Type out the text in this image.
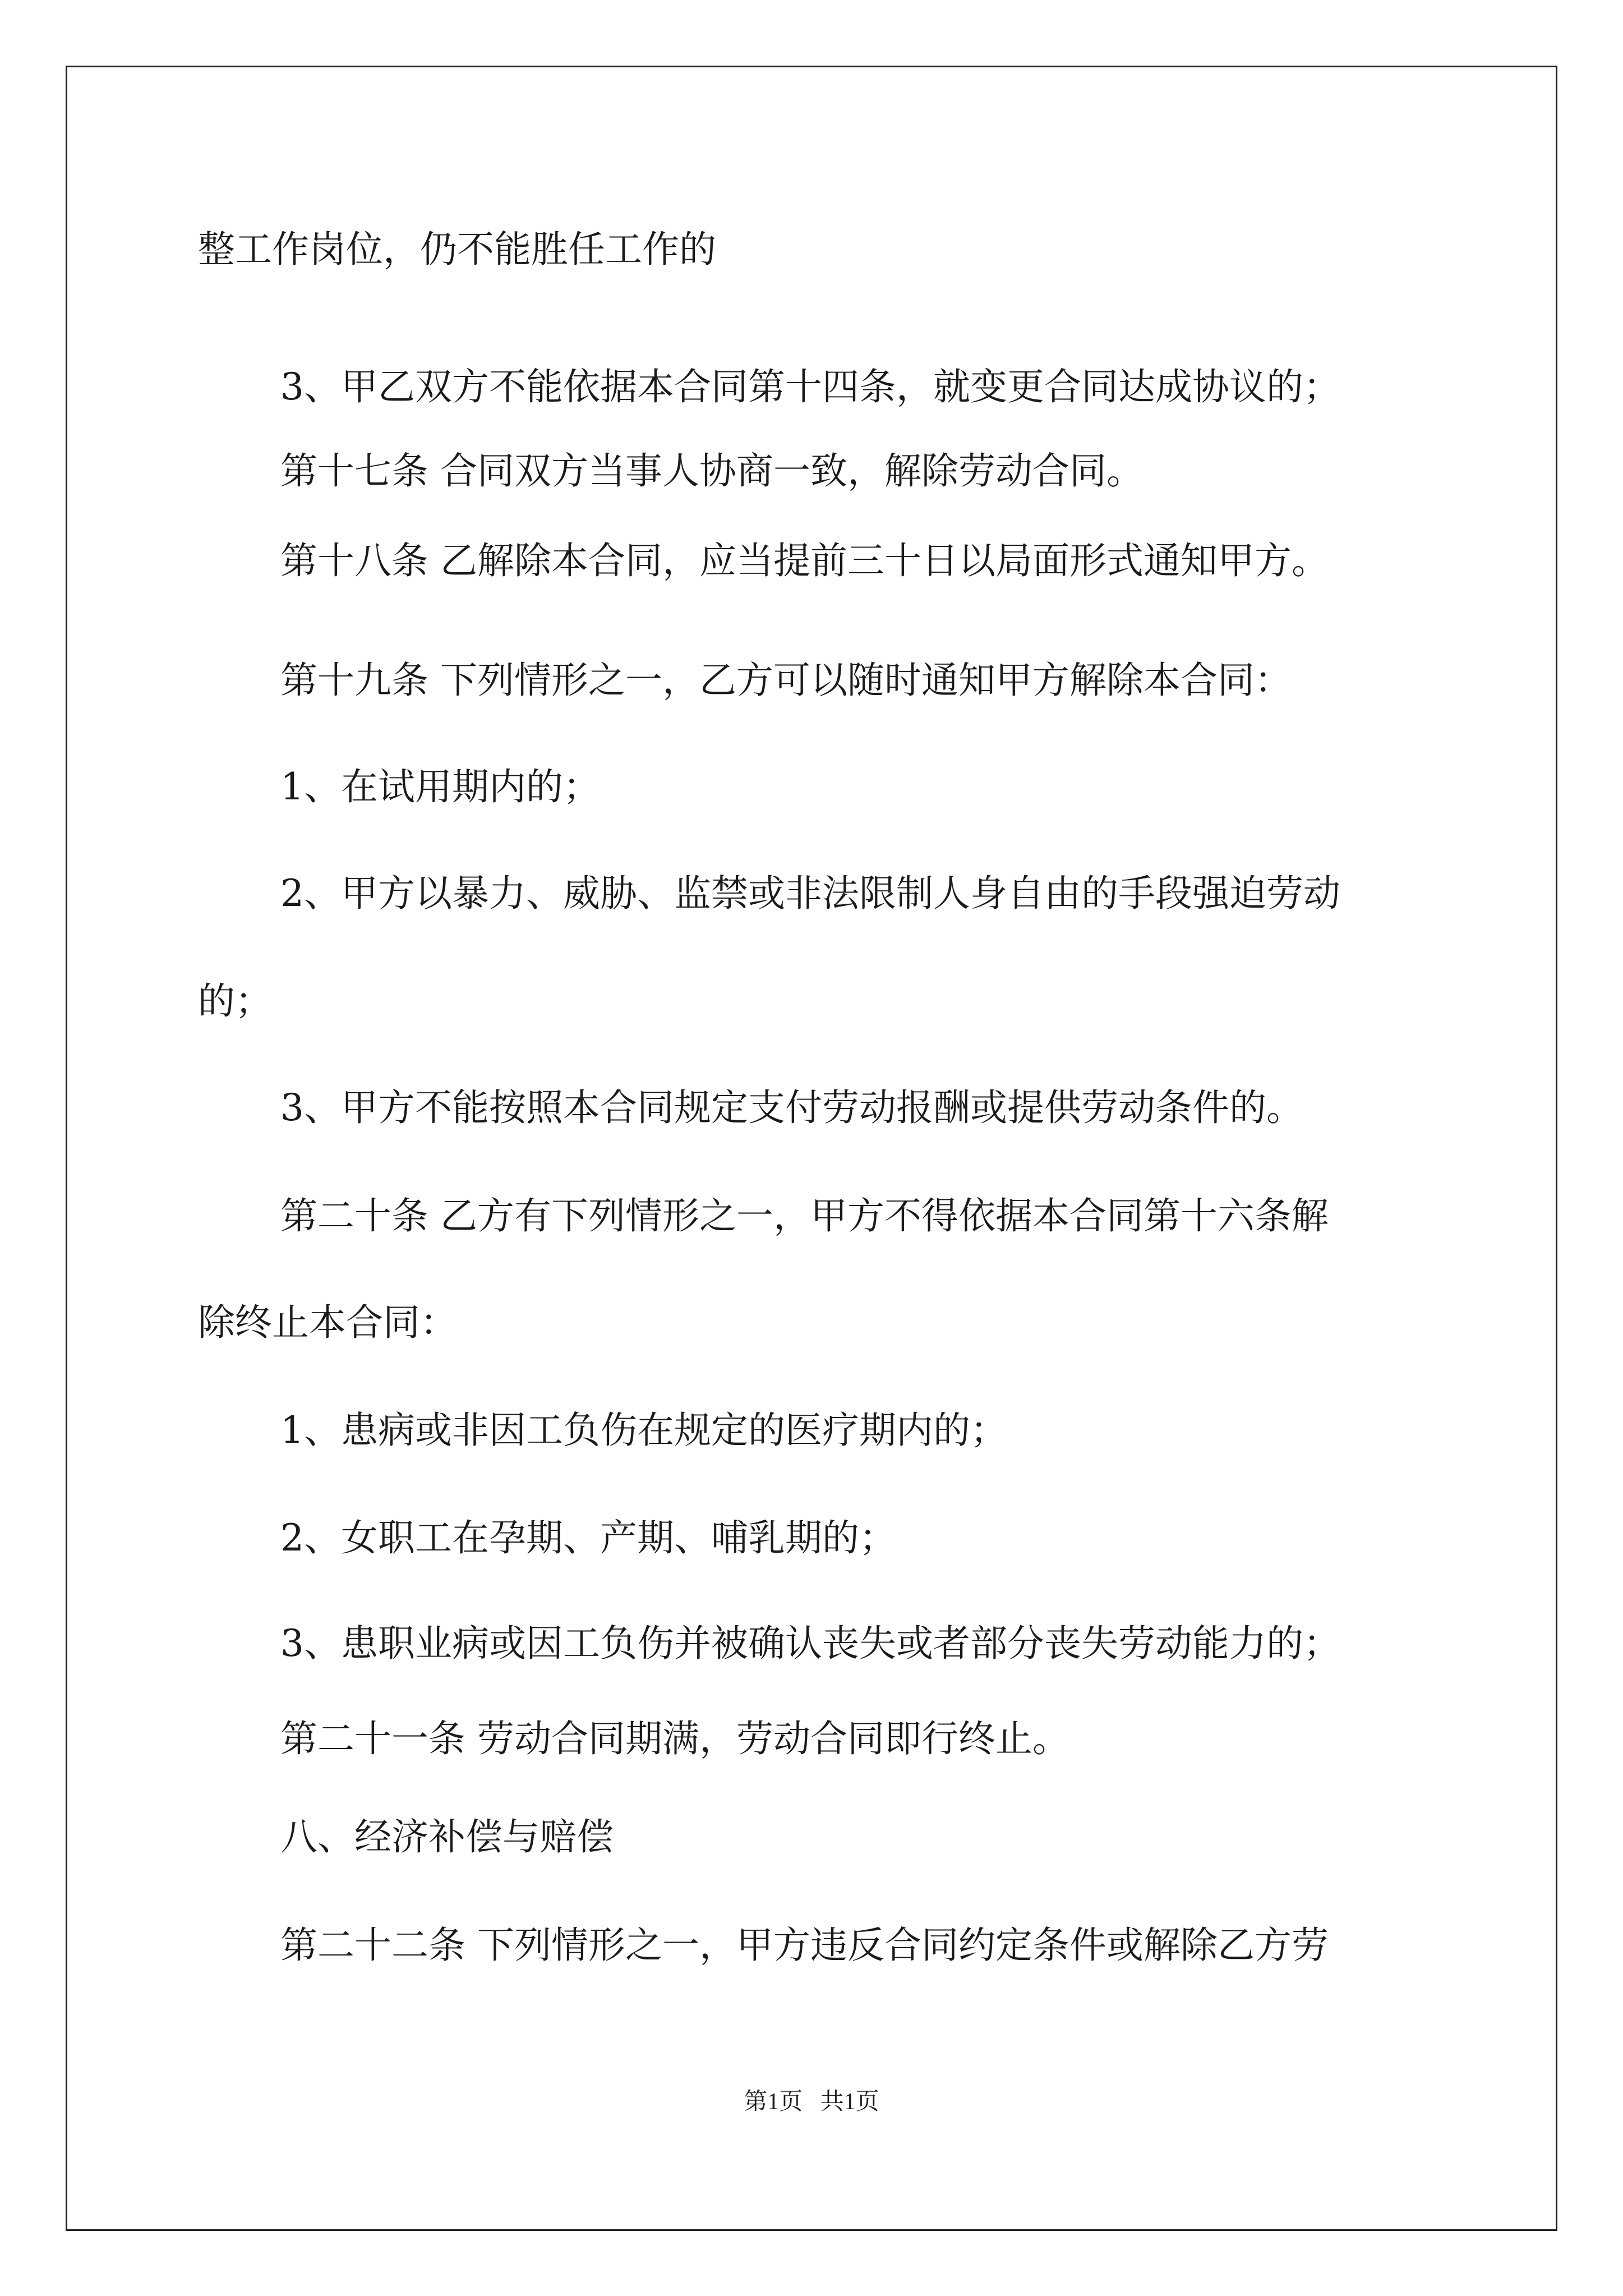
整工作岗位，仍不能胜任工作的

3、甲乙双方不能依据本合同第十四条，就变更合同达成协议的；

第十七条 合同双方当事人协商一致，解除劳动合同。

第十八条 乙解除本合同，应当提前三十日以局面形式通知甲方。

第十九条 下列情形之一，乙方可以随时通知甲方解除本合同：

1、在试用期内的；

2、甲方以暴力、威胁、监禁或非法限制人身自由的手段强迫劳动

的；

3、甲方不能按照本合同规定支付劳动报酬或提供劳动条件的。

第二十条 乙方有下列情形之一，甲方不得依据本合同第十六条解

除终止本合同：

1、患病或非因工负伤在规定的医疗期内的；

2、女职工在孕期、产期、哺乳期的；

3、患职业病或因工负伤并被确认丧失或者部分丧失劳动能力的；

第二十一条 劳动合同期满，劳动合同即行终止。

八、经济补偿与赔偿

第二十二条 下列情形之一，甲方违反合同约定条件或解除乙方劳

第1页   共1页
